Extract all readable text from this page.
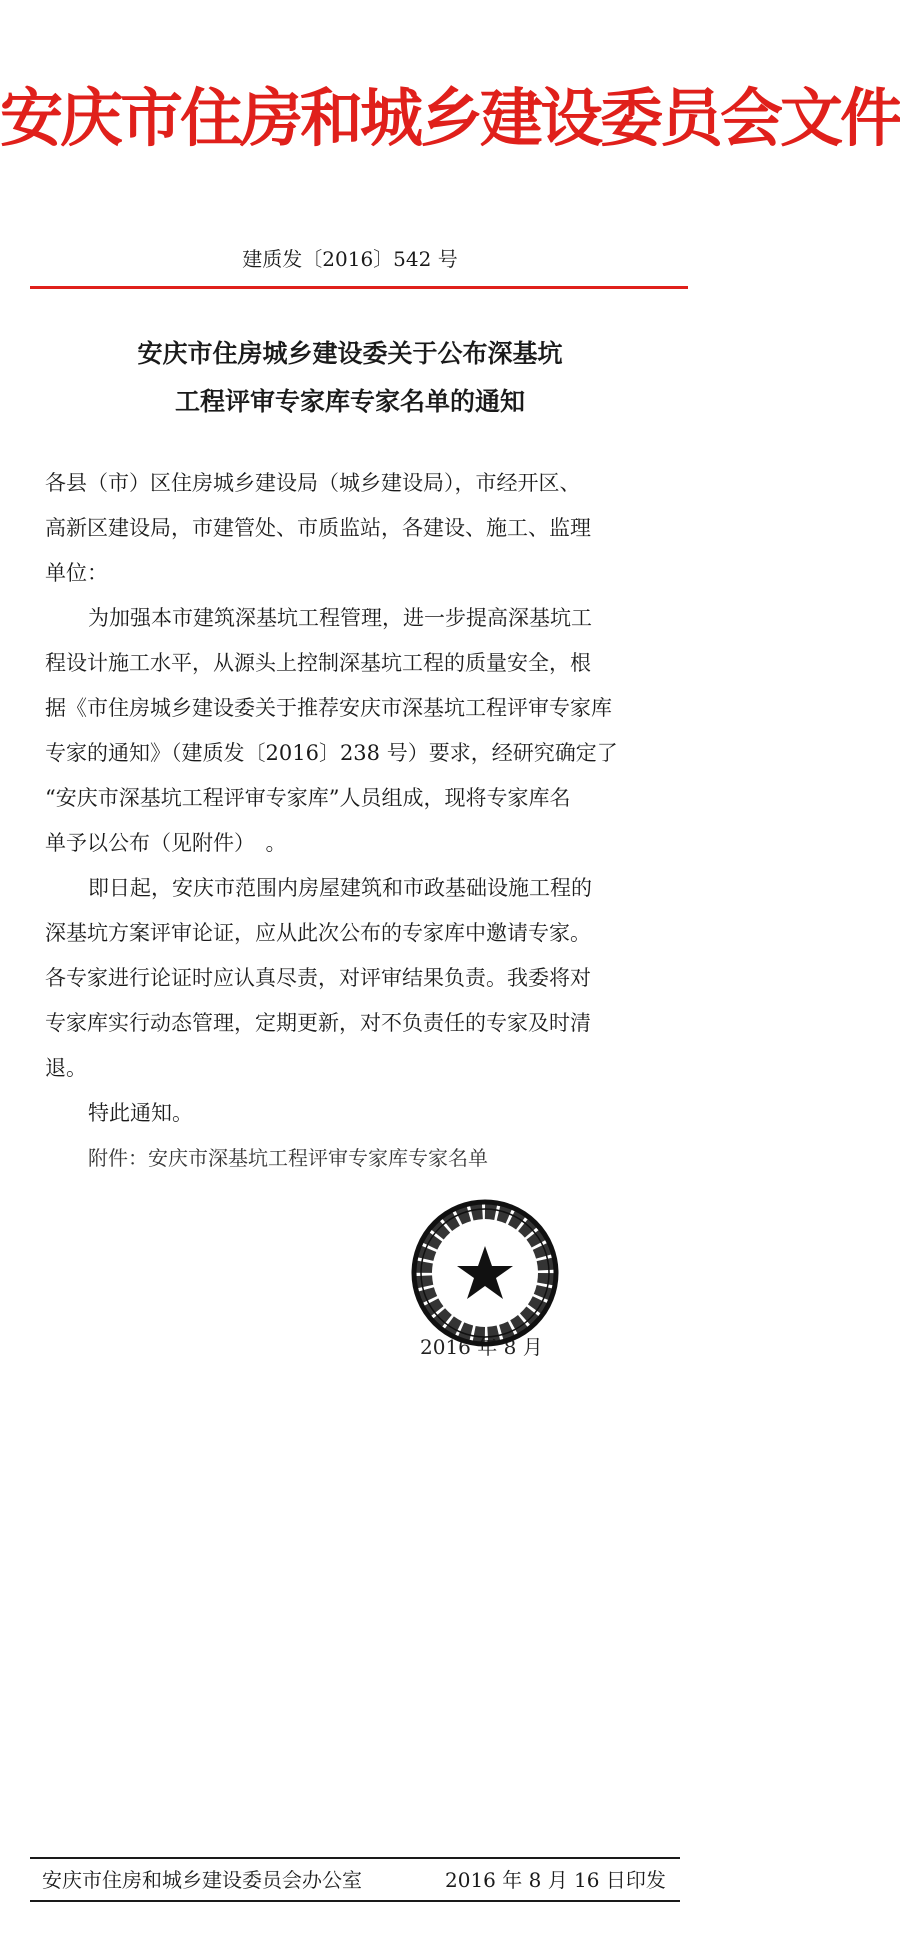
安庆市住房和城乡建设委员会文件
建质发〔2016〕542 号
安庆市住房城乡建设委关于公布深基坑
工程评审专家库专家名单的通知
各县（市）区住房城乡建设局（城乡建设局），市经开区、
高新区建设局，市建管处、市质监站，各建设、施工、监理
单位：
为加强本市建筑深基坑工程管理，进一步提高深基坑工
程设计施工水平，从源头上控制深基坑工程的质量安全，根
据《市住房城乡建设委关于推荐安庆市深基坑工程评审专家库
专家的通知》（建质发〔2016〕238 号）要求，经研究确定了
“安庆市深基坑工程评审专家库”人员组成，现将专家库名
单予以公布（见附件）　。
即日起，安庆市范围内房屋建筑和市政基础设施工程的
深基坑方案评审论证，应从此次公布的专家库中邀请专家。
各专家进行论证时应认真尽责，对评审结果负责。我委将对
专家库实行动态管理，定期更新，对不负责任的专家及时清
退。
特此通知。
附件：安庆市深基坑工程评审专家库专家名单
2016 年 8 月
安庆市住房和城乡建设委员会办公室	2016 年 8 月 16 日印发
